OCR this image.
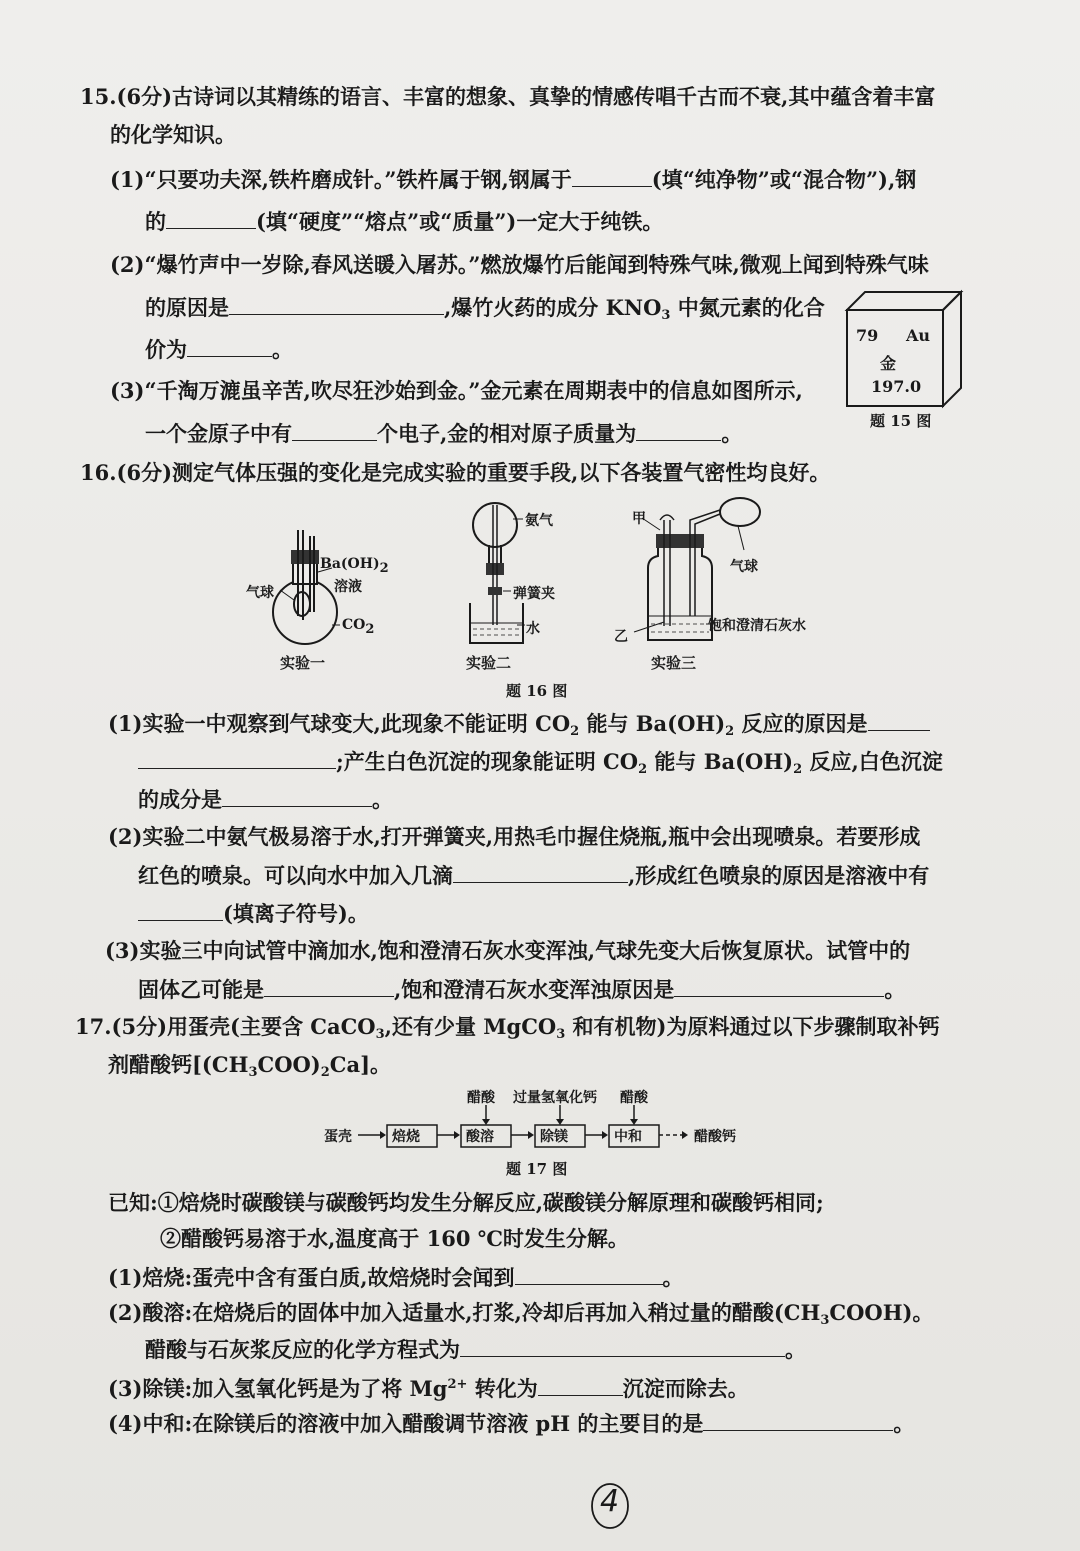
15.(6分)古诗词以其精练的语言、丰富的想象、真挚的情感传唱千古而不衰,其中蕴含着丰富
的化学知识。
(1)“只要功夫深,铁杵磨成针。”铁杵属于钢,钢属于	(填“纯净物”或“混合物”),钢
的	(填“硬度”“熔点”或“质量”)一定大于纯铁。
(2)“爆竹声中一岁除,春风送暖入屠苏。”燃放爆竹后能闻到特殊气味,微观上闻到特殊气味
的原因是	,爆竹火药的成分 $KNO_3$ 中氮元素的化合
价为	。
(3)“千淘万漉虽辛苦,吹尽狂沙始到金。”金元素在周期表中的信息如图所示,
一个金原子中有	个电子,金的相对原子质量为	。
79 Au
金
197.0
题 15 图
16.(6分)测定气体压强的变化是完成实验的重要手段,以下各装置气密性均良好。
$Ba(OH)_2$
溶液
气球
$CO_2$
实验一
氨气
弹簧夹
水
实验二
甲
气球
乙
饱和澄清石灰水
实验三
题 16 图
(1)实验一中观察到气球变大,此现象不能证明 $CO_2$ 能与 $Ba(OH)_2$ 反应的原因是
;产生白色沉淀的现象能证明 $CO_2$ 能与 $Ba(OH)_2$ 反应,白色沉淀
的成分是	。
(2)实验二中氨气极易溶于水,打开弹簧夹,用热毛巾握住烧瓶,瓶中会出现喷泉。若要形成
红色的喷泉。可以向水中加入几滴	,形成红色喷泉的原因是溶液中有
(填离子符号)。
(3)实验三中向试管中滴加水,饱和澄清石灰水变浑浊,气球先变大后恢复原状。试管中的
固体乙可能是	,饱和澄清石灰水变浑浊原因是	。
17.(5分)用蛋壳(主要含 CaCO$_3$,还有少量 MgCO$_3$ 和有机物)为原料通过以下步骤制取补钙
剂醋酸钙$[(CH_3COO)_2Ca]$。
醋酸 过量氢氧化钙 醋酸
蛋壳	焙烧	酸溶	除镁	中和	醋酸钙
题 17 图
已知:①焙烧时碳酸镁与碳酸钙均发生分解反应,碳酸镁分解原理和碳酸钙相同;
②醋酸钙易溶于水,温度高于 160 ℃时发生分解。
(1)焙烧:蛋壳中含有蛋白质,故焙烧时会闻到	。
(2)酸溶:在焙烧后的固体中加入适量水,打浆,冷却后再加入稍过量的醋酸$(CH_3COOH)$。
醋酸与石灰浆反应的化学方程式为	。
(3)除镁:加入氢氧化钙是为了将 $Mg^{2+}$ 转化为	沉淀而除去。
(4)中和:在除镁后的溶液中加入醋酸调节溶液 pH 的主要目的是	。
4
